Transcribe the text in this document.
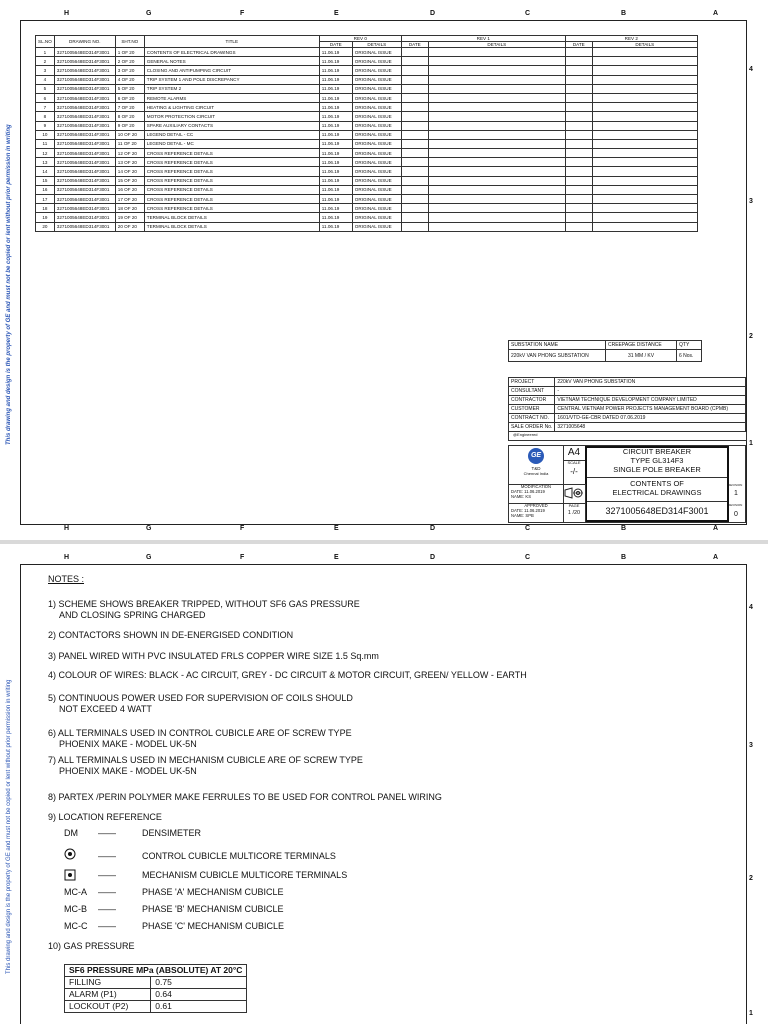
H	G	F	E	D	C	B	A
H	G	F	E	D	C	B	A
4
3
2
1
This drawing and design is the property of GE and must not be copied or lent without prior permission in writing
SL.NO	DRAWING NO.	SHT.NO	TITLE	REV 0		REV 1		REV 2	
				DATE	DETAILS	DATE	DETAILS	DATE	DETAILS
1	3271005648ED314F3001	1 OF 20	CONTENTS OF ELECTRICAL DRAWINGS	11.06.19	ORIGINAL ISSUE				
2	3271005648ED314F3001	2 OF 20	GENERAL NOTES	11.06.19	ORIGINAL ISSUE				
3	3271005648ED314F3001	3 OF 20	CLOSING AND ANTIPUMPING CIRCUIT	11.06.19	ORIGINAL ISSUE				
4	3271005648ED314F3001	4 OF 20	TRIP SYSTEM 1 AND POLE DISCREPANCY	11.06.19	ORIGINAL ISSUE				
5	3271005648ED314F3001	5 OF 20	TRIP SYSTEM 2	11.06.19	ORIGINAL ISSUE				
6	3271005648ED314F3001	6 OF 20	REMOTE ALARMS	11.06.19	ORIGINAL ISSUE				
7	3271005648ED314F3001	7 OF 20	HEATING & LIGHTING CIRCUIT	11.06.19	ORIGINAL ISSUE				
8	3271005648ED314F3001	8 OF 20	MOTOR PROTECTION CIRCUIT	11.06.19	ORIGINAL ISSUE				
9	3271005648ED314F3001	9 OF 20	SPARE AUXILIARY CONTACTS	11.06.19	ORIGINAL ISSUE				
10	3271005648ED314F3001	10 OF 20	LEGEND DETAIL - CC	11.06.19	ORIGINAL ISSUE				
11	3271005648ED314F3001	11 OF 20	LEGEND DETAIL - MC	11.06.19	ORIGINAL ISSUE				
12	3271005648ED314F3001	12 OF 20	CROSS REFERENCE DETAILS	11.06.19	ORIGINAL ISSUE				
13	3271005648ED314F3001	13 OF 20	CROSS REFERENCE DETAILS	11.06.19	ORIGINAL ISSUE				
14	3271005648ED314F3001	14 OF 20	CROSS REFERENCE DETAILS	11.06.19	ORIGINAL ISSUE				
15	3271005648ED314F3001	15 OF 20	CROSS REFERENCE DETAILS	11.06.19	ORIGINAL ISSUE				
16	3271005648ED314F3001	16 OF 20	CROSS REFERENCE DETAILS	11.06.19	ORIGINAL ISSUE				
17	3271005648ED314F3001	17 OF 20	CROSS REFERENCE DETAILS	11.06.19	ORIGINAL ISSUE				
18	3271005648ED314F3001	18 OF 20	CROSS REFERENCE DETAILS	11.06.19	ORIGINAL ISSUE				
19	3271005648ED314F3001	19 OF 20	TERMINAL BLOCK DETAILS	11.06.19	ORIGINAL ISSUE				
20	3271005648ED314F3001	20 OF 20	TERMINAL BLOCK DETAILS	11.06.19	ORIGINAL ISSUE				
SUBSTATION NAME	CREEPAGE DISTANCE	QTY
220kV VAN PHONG SUBSTATION	31 MM / KV	6 Nos.
PROJECT	220kV VAN PHONG SUBSTATION
CONSULTANT	-
CONTRACTOR	VIETNAM TECHNIQUE DEVELOPMENT COMPANY LIMITED
CUSTOMER	CENTRAL VIETNAM POWER PROJECTS MANAGEMENT BOARD (CPMB)
CONTRACT NO.	1601/VTD-GE-CBR DATED 07.06.2019
SALE ORDER No.	3271005648
@Engineered
GE
T&D
Chennai India
A4
SCALE
-/-
CIRCUIT BREAKER
TYPE GL314F3
SINGLE POLE BREAKER
CONTENTS OF
ELECTRICAL DRAWINGS
3271005648ED314F3001
MODIFICATION
DATE: 11.06.2019
NAME: KS
APPROVED
DATE: 11.06.2019
NAME: SPB
PAGE
1 /20
REVISION
1
REVISION
0
H	G	F	E	D	C	B	A
4
3
2
1
This drawing and design is the property of GE and must not be copied or lent without prior permission in writing
NOTES :
1) SCHEME SHOWS BREAKER TRIPPED, WITHOUT SF6 GAS PRESSURE
AND CLOSING SPRING CHARGED
2) CONTACTORS SHOWN IN DE-ENERGISED CONDITION
3) PANEL WIRED WITH PVC INSULATED FRLS COPPER WIRE SIZE 1.5 Sq.mm
4) COLOUR OF WIRES: BLACK - AC CIRCUIT, GREY - DC CIRCUIT & MOTOR CIRCUIT, GREEN/ YELLOW - EARTH
5) CONTINUOUS POWER USED FOR SUPERVISION OF COILS SHOULD
NOT EXCEED 4 WATT
6) ALL TERMINALS USED IN CONTROL CUBICLE ARE OF SCREW TYPE
PHOENIX MAKE - MODEL UK-5N
7) ALL TERMINALS USED IN MECHANISM CUBICLE ARE OF SCREW TYPE
PHOENIX MAKE - MODEL UK-5N
8) PARTEX /PERIN POLYMER MAKE FERRULES TO BE USED FOR CONTROL PANEL WIRING
9) LOCATION REFERENCE
DM ——	DENSIMETER
——	CONTROL CUBICLE MULTICORE TERMINALS
——	MECHANISM CUBICLE MULTICORE TERMINALS
MC-A ——	PHASE 'A' MECHANISM CUBICLE
MC-B ——	PHASE 'B' MECHANISM CUBICLE
MC-C ——	PHASE 'C' MECHANISM CUBICLE
10) GAS PRESSURE
SF6 PRESSURE MPa (ABSOLUTE) AT 20°C	
FILLING	0.75
ALARM (P1)	0.64
LOCKOUT (P2)	0.61
